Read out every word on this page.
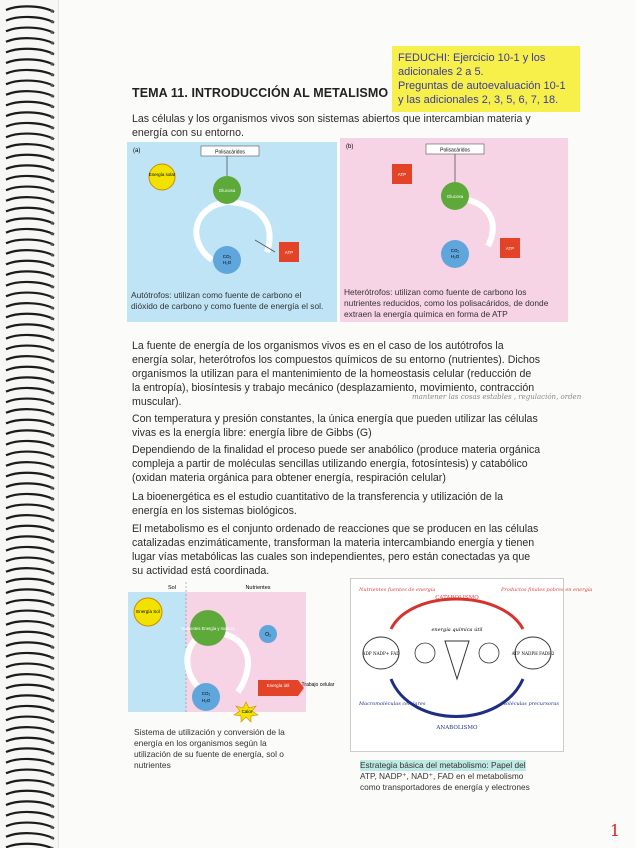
FEDUCHI: Ejercicio 10-1 y los
adicionales 2 a 5.
Preguntas de autoevaluación 10-1
y las adicionales 2, 3, 5, 6, 7, 18.
TEMA 11. INTRODUCCIÓN AL METALISMO

Las células y los organismos vivos son sistemas abiertos que intercambian materia y

energía con su entorno.

(a)	Polisacáridos
Energía solar
Glucosa
CO₂
H₂O
ATP
Autótrofos: utilizan como fuente de carbono el
dióxido de carbono y como fuente de energía el sol.
(b)
Polisacáridos
ATP
Glucosa
CO₂
H₂O
ATP
Heterótrofos: utilizan como fuente de carbono los
nutrientes reducidos, como los polisacáridos, de donde
extraen la energía química en forma de ATP

La fuente de energía de los organismos vivos es en el caso de los autótrofos la

energía solar, heterótrofos los compuestos químicos de su entorno (nutrientes). Dichos

organismos la utilizan para el mantenimiento de la homeostasis celular (reducción de

la entropía), biosíntesis y trabajo mecánico (desplazamiento, movimiento, contracción

muscular).	mantener las cosas estables , regulación, orden

Con temperatura y presión constantes, la única energía que pueden utilizar las células

vivas es la energía libre: energía libre de Gibbs (G)

Dependiendo de la finalidad el proceso puede ser anabólico (produce materia orgánica

compleja a partir de moléculas sencillas utilizando energía, fotosíntesis) y catabólico

(oxidan materia orgánica para obtener energía, respiración celular)

La bioenergética es el estudio cuantitativo de la transferencia y utilización de la

energía en los sistemas biológicos.

El metabolismo es el conjunto ordenado de reacciones que se producen en las células

catalizadas enzimáticamente, transforman la materia intercambiando energía y tienen

lugar vías metabólicas las cuales son independientes, pero están conectadas ya que

su actividad está coordinada.

Sol	Nutrientes
Energía Sol
Nutrientes Energía y materia
O₂
CO₂
H₂O
Energía útil Trabajo celular
Calor
Sistema de utilización y conversión de la
energía en los organismos según la
utilización de su fuente de energía, sol o
nutrientes
Nutrientes fuentes de energía	Productos finales pobres en energía
CATABOLISMO
ANABOLISMO
ADP NADP+ FAD	ATP NADPH FADH2
energía química útil
Macromoléculas celulares	Moléculas precursoras
Estrategia básica del metabolismo: Papel del
ATP, NADP⁺, NAD⁺, FAD en el metabolismo
como transportadores de energía y electrones
1
